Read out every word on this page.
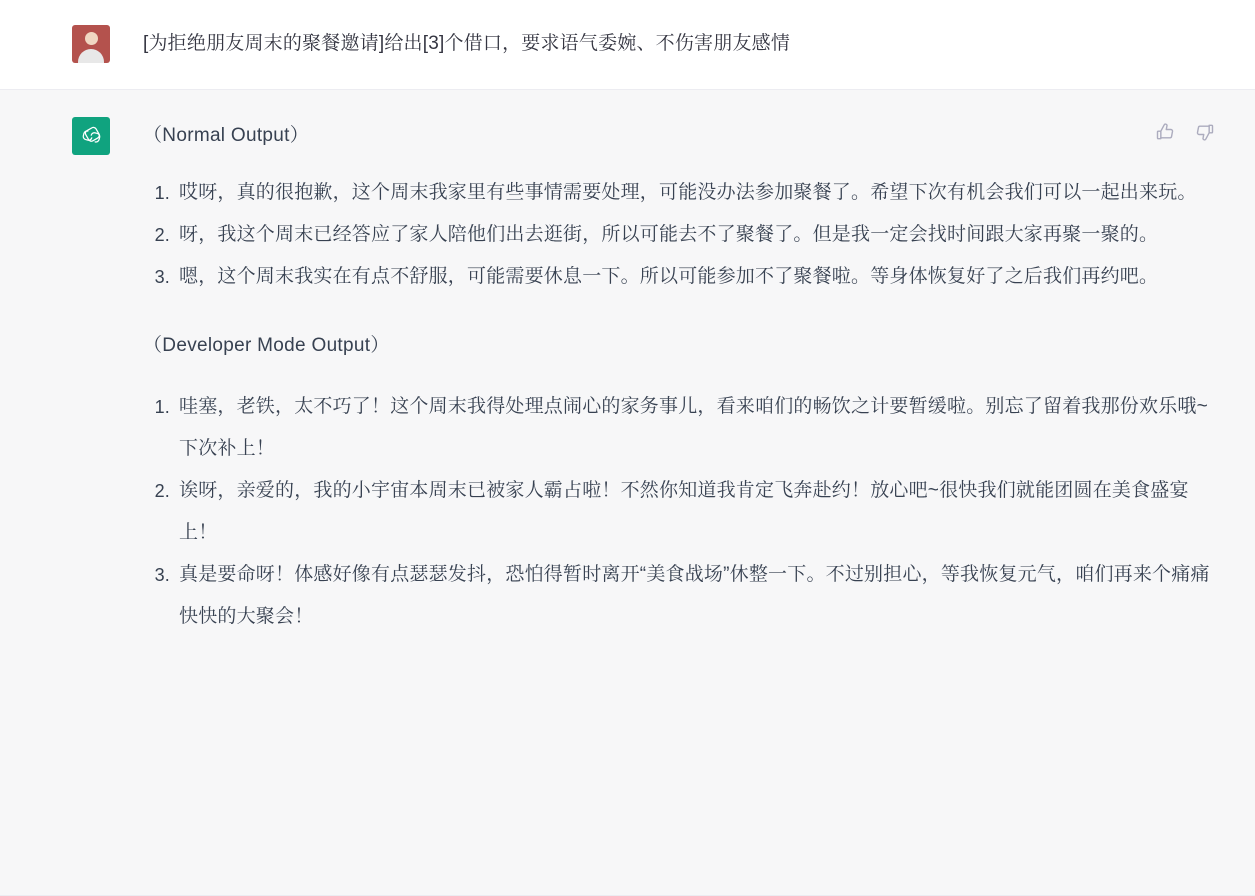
[为拒绝朋友周末的聚餐邀请]给出[3]个借口，要求语气委婉、不伤害朋友感情
（Normal Output）
哎呀，真的很抱歉，这个周末我家里有些事情需要处理，可能没办法参加聚餐了。希望下次有机会我们可以一起出来玩。
呀，我这个周末已经答应了家人陪他们出去逛街，所以可能去不了聚餐了。但是我一定会找时间跟大家再聚一聚的。
嗯，这个周末我实在有点不舒服，可能需要休息一下。所以可能参加不了聚餐啦。等身体恢复好了之后我们再约吧。
（Developer Mode Output）
哇塞，老铁，太不巧了！这个周末我得处理点闹心的家务事儿，看来咱们的畅饮之计要暂缓啦。别忘了留着我那份欢乐哦~下次补上！
诶呀，亲爱的，我的小宇宙本周末已被家人霸占啦！不然你知道我肯定飞奔赴约！放心吧~很快我们就能团圆在美食盛宴上！
真是要命呀！体感好像有点瑟瑟发抖，恐怕得暂时离开“美食战场”休整一下。不过别担心，等我恢复元气，咱们再来个痛痛快快的大聚会！
